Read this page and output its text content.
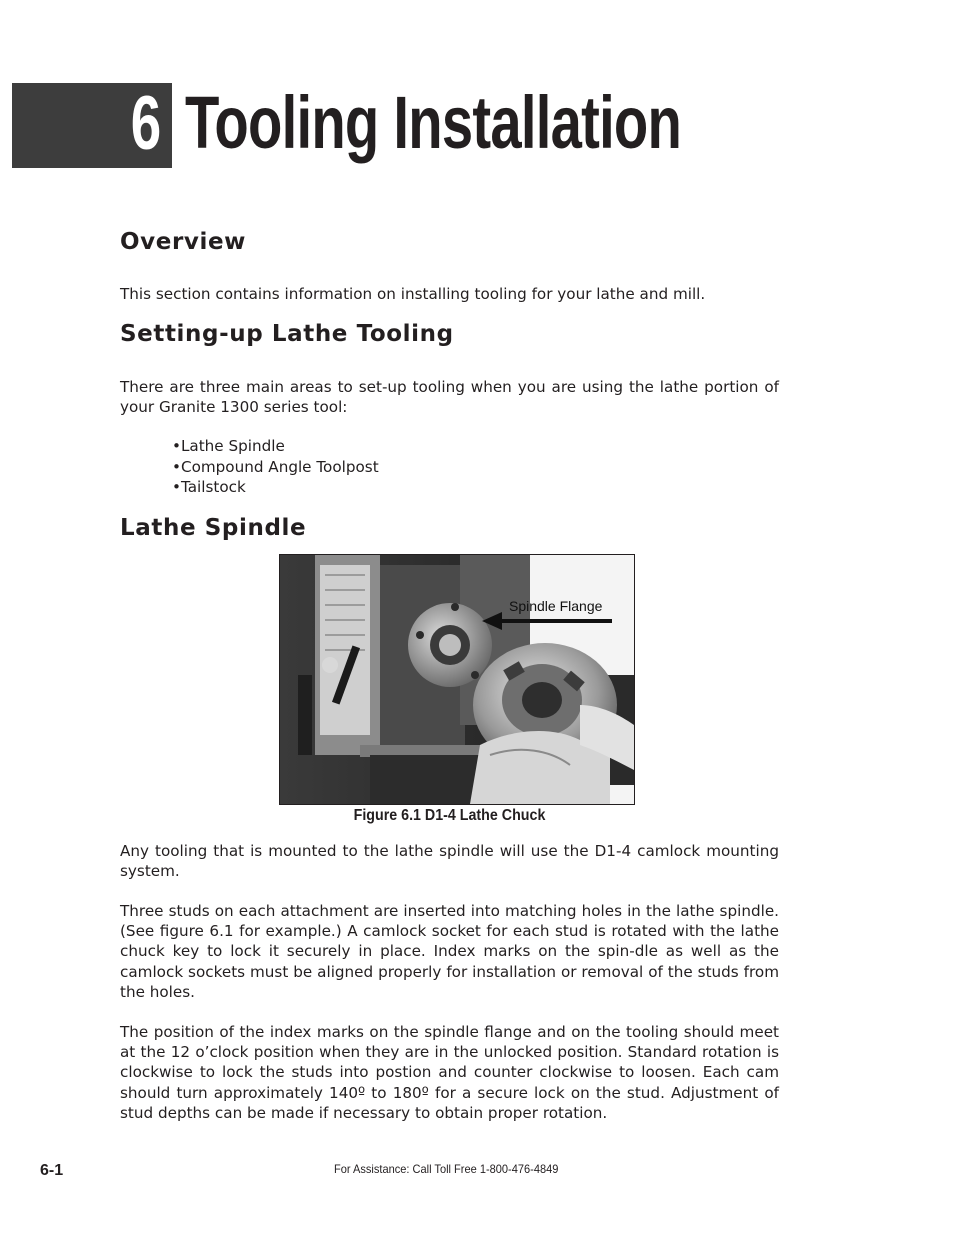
6 Tooling Installation
Overview

This section contains information on installing tooling for your lathe and mill.

Setting-up Lathe Tooling

There are three main areas to set-up tooling when you are using the lathe portion of your Granite 1300 series tool:

•Lathe Spindle
•Compound Angle Toolpost
•Tailstock
Lathe Spindle
Spindle Flange
Figure 6.1 D1-4 Lathe Chuck

Any tooling that is mounted to the lathe spindle will use the D1-4 camlock mounting system.

Three studs on each attachment are inserted into matching holes in the lathe spindle. (See figure 6.1 for example.) A camlock socket for each stud is rotated with the lathe chuck key to lock it securely in place. Index marks on the spin-dle as well as the camlock sockets must be aligned properly for installation or removal of the studs from the holes.

The position of the index marks on the spindle flange and on the tooling should meet at the 12 o’clock position when they are in the unlocked position. Standard rotation is clockwise to lock the studs into postion and counter clockwise to loosen. Each cam should turn approximately 140º to 180º for a secure lock on the stud. Adjustment of stud depths can be made if necessary to obtain proper rotation.

6-1	For Assistance: Call Toll Free 1-800-476-4849
